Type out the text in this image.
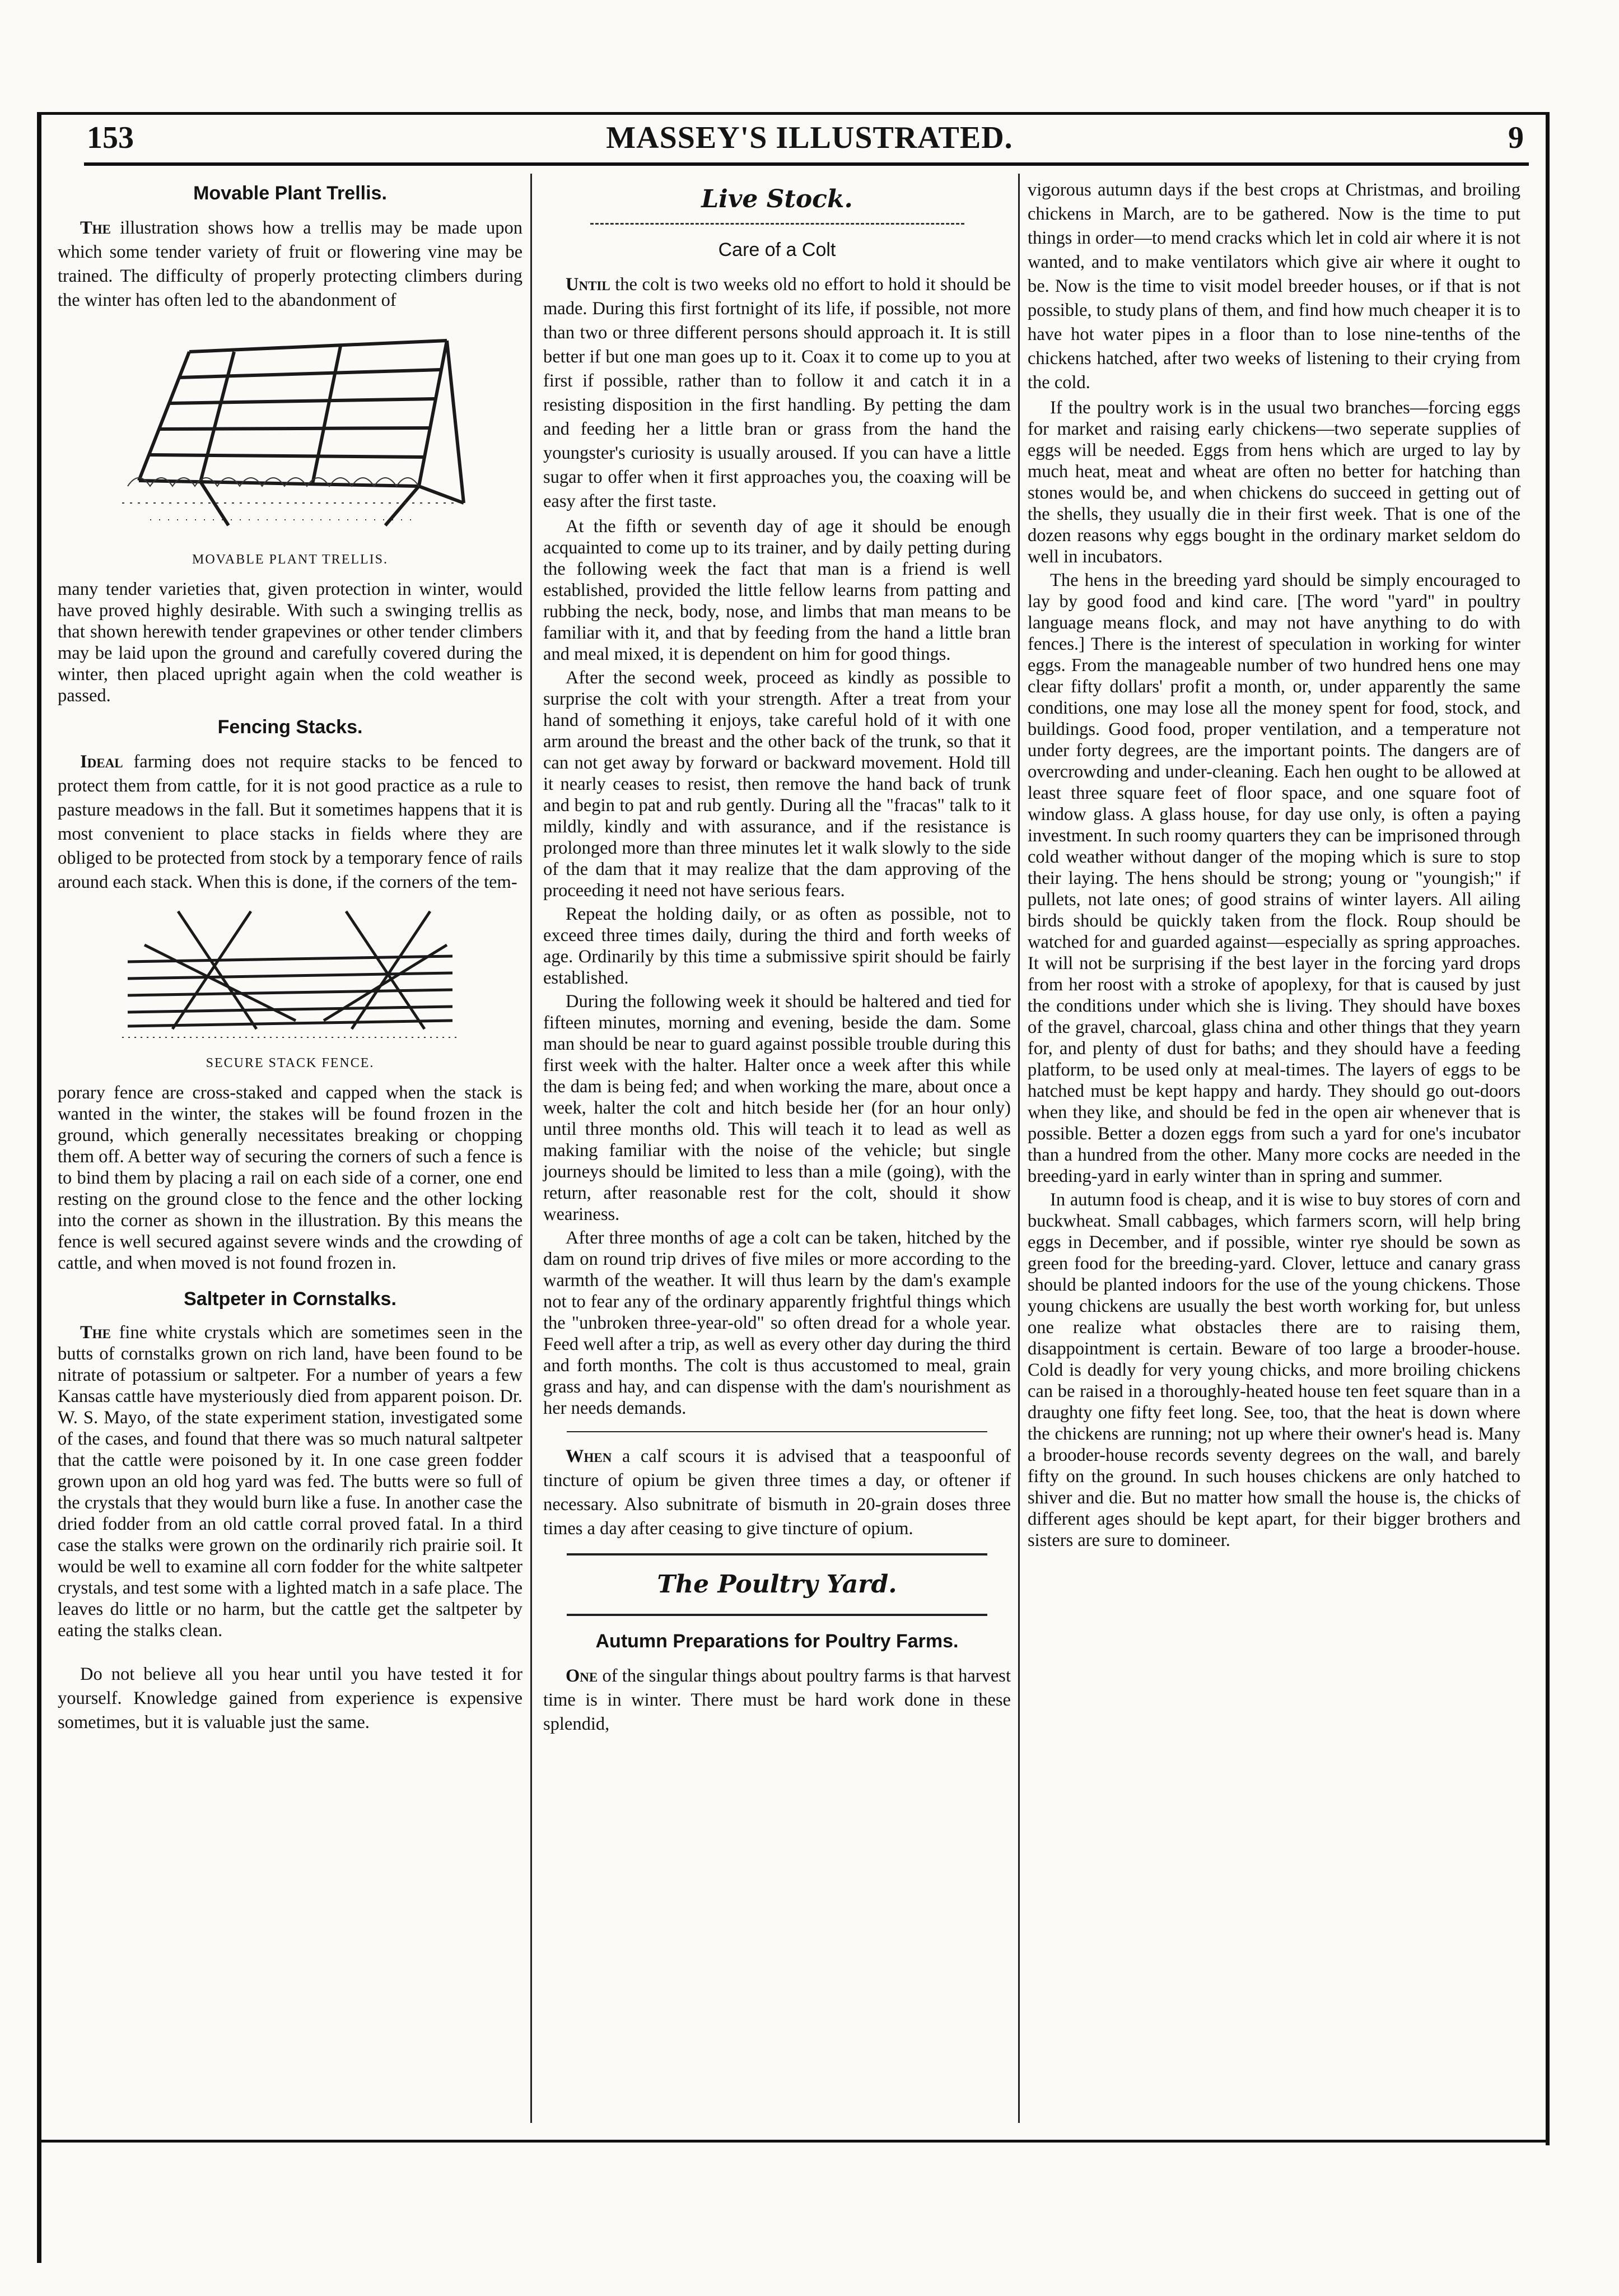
153	MASSEY'S ILLUSTRATED.	9
Movable Plant Trellis.

The illustration shows how a trellis may be made upon which some tender variety of fruit or flowering vine may be trained. The difficulty of properly protecting climbers during the winter has often led to the abandonment of

MOVABLE PLANT TRELLIS.

many tender varieties that, given protection in winter, would have proved highly desirable. With such a swinging trellis as that shown herewith tender grapevines or other tender climbers may be laid upon the ground and carefully covered during the winter, then placed upright again when the cold weather is passed.

Fencing Stacks.

Ideal farming does not require stacks to be fenced to protect them from cattle, for it is not good practice as a rule to pasture meadows in the fall. But it sometimes happens that it is most convenient to place stacks in fields where they are obliged to be protected from stock by a temporary fence of rails around each stack. When this is done, if the corners of the tem-

SECURE STACK FENCE.

porary fence are cross-staked and capped when the stack is wanted in the winter, the stakes will be found frozen in the ground, which generally necessitates breaking or chopping them off. A better way of securing the corners of such a fence is to bind them by placing a rail on each side of a corner, one end resting on the ground close to the fence and the other locking into the corner as shown in the illustration. By this means the fence is well secured against severe winds and the crowding of cattle, and when moved is not found frozen in.

Saltpeter in Cornstalks.

The fine white crystals which are sometimes seen in the butts of cornstalks grown on rich land, have been found to be nitrate of potassium or saltpeter. For a number of years a few Kansas cattle have mysteriously died from apparent poison. Dr. W. S. Mayo, of the state experiment station, investigated some of the cases, and found that there was so much natural saltpeter that the cattle were poisoned by it. In one case green fodder grown upon an old hog yard was fed. The butts were so full of the crystals that they would burn like a fuse. In another case the dried fodder from an old cattle corral proved fatal. In a third case the stalks were grown on the ordinarily rich prairie soil. It would be well to examine all corn fodder for the white saltpeter crystals, and test some with a lighted match in a safe place. The leaves do little or no harm, but the cattle get the saltpeter by eating the stalks clean.

Do not believe all you hear until you have tested it for yourself. Knowledge gained from experience is expensive sometimes, but it is valuable just the same.

Live Stock.
Care of a Colt

Until the colt is two weeks old no effort to hold it should be made. During this first fortnight of its life, if possible, not more than two or three different persons should approach it. It is still better if but one man goes up to it. Coax it to come up to you at first if possible, rather than to follow it and catch it in a resisting disposition in the first handling. By petting the dam and feeding her a little bran or grass from the hand the youngster's curiosity is usually aroused. If you can have a little sugar to offer when it first approaches you, the coaxing will be easy after the first taste.

At the fifth or seventh day of age it should be enough acquainted to come up to its trainer, and by daily petting during the following week the fact that man is a friend is well established, provided the little fellow learns from patting and rubbing the neck, body, nose, and limbs that man means to be familiar with it, and that by feeding from the hand a little bran and meal mixed, it is dependent on him for good things.

After the second week, proceed as kindly as possible to surprise the colt with your strength. After a treat from your hand of something it enjoys, take careful hold of it with one arm around the breast and the other back of the trunk, so that it can not get away by forward or backward movement. Hold till it nearly ceases to resist, then remove the hand back of trunk and begin to pat and rub gently. During all the "fracas" talk to it mildly, kindly and with assurance, and if the resistance is prolonged more than three minutes let it walk slowly to the side of the dam that it may realize that the dam approving of the proceeding it need not have serious fears.

Repeat the holding daily, or as often as possible, not to exceed three times daily, during the third and forth weeks of age. Ordinarily by this time a submissive spirit should be fairly established.

During the following week it should be haltered and tied for fifteen minutes, morning and evening, beside the dam. Some man should be near to guard against possible trouble during this first week with the halter. Halter once a week after this while the dam is being fed; and when working the mare, about once a week, halter the colt and hitch beside her (for an hour only) until three months old. This will teach it to lead as well as making familiar with the noise of the vehicle; but single journeys should be limited to less than a mile (going), with the return, after reasonable rest for the colt, should it show weariness.

After three months of age a colt can be taken, hitched by the dam on round trip drives of five miles or more according to the warmth of the weather. It will thus learn by the dam's example not to fear any of the ordinary apparently frightful things which the "unbroken three-year-old" so often dread for a whole year. Feed well after a trip, as well as every other day during the third and forth months. The colt is thus accustomed to meal, grain grass and hay, and can dispense with the dam's nourishment as her needs demands.

When a calf scours it is advised that a teaspoonful of tincture of opium be given three times a day, or oftener if necessary. Also subnitrate of bismuth in 20-grain doses three times a day after ceasing to give tincture of opium.

The Poultry Yard.
Autumn Preparations for Poultry Farms.

One of the singular things about poultry farms is that harvest time is in winter. There must be hard work done in these splendid,

vigorous autumn days if the best crops at Christmas, and broiling chickens in March, are to be gathered. Now is the time to put things in order—to mend cracks which let in cold air where it is not wanted, and to make ventilators which give air where it ought to be. Now is the time to visit model breeder houses, or if that is not possible, to study plans of them, and find how much cheaper it is to have hot water pipes in a floor than to lose nine-tenths of the chickens hatched, after two weeks of listening to their crying from the cold.

If the poultry work is in the usual two branches—forcing eggs for market and raising early chickens—two seperate supplies of eggs will be needed. Eggs from hens which are urged to lay by much heat, meat and wheat are often no better for hatching than stones would be, and when chickens do succeed in getting out of the shells, they usually die in their first week. That is one of the dozen reasons why eggs bought in the ordinary market seldom do well in incubators.

The hens in the breeding yard should be simply encouraged to lay by good food and kind care. [The word "yard" in poultry language means flock, and may not have anything to do with fences.] There is the interest of speculation in working for winter eggs. From the manageable number of two hundred hens one may clear fifty dollars' profit a month, or, under apparently the same conditions, one may lose all the money spent for food, stock, and buildings. Good food, proper ventilation, and a temperature not under forty degrees, are the important points. The dangers are of overcrowding and under-cleaning. Each hen ought to be allowed at least three square feet of floor space, and one square foot of window glass. A glass house, for day use only, is often a paying investment. In such roomy quarters they can be imprisoned through cold weather without danger of the moping which is sure to stop their laying. The hens should be strong; young or "youngish;" if pullets, not late ones; of good strains of winter layers. All ailing birds should be quickly taken from the flock. Roup should be watched for and guarded against—especially as spring approaches. It will not be surprising if the best layer in the forcing yard drops from her roost with a stroke of apoplexy, for that is caused by just the conditions under which she is living. They should have boxes of the gravel, charcoal, glass china and other things that they yearn for, and plenty of dust for baths; and they should have a feeding platform, to be used only at meal-times. The layers of eggs to be hatched must be kept happy and hardy. They should go out-doors when they like, and should be fed in the open air whenever that is possible. Better a dozen eggs from such a yard for one's incubator than a hundred from the other. Many more cocks are needed in the breeding-yard in early winter than in spring and summer.

In autumn food is cheap, and it is wise to buy stores of corn and buckwheat. Small cabbages, which farmers scorn, will help bring eggs in December, and if possible, winter rye should be sown as green food for the breeding-yard. Clover, lettuce and canary grass should be planted indoors for the use of the young chickens. Those young chickens are usually the best worth working for, but unless one realize what obstacles there are to raising them, disappointment is certain. Beware of too large a brooder-house. Cold is deadly for very young chicks, and more broiling chickens can be raised in a thoroughly-heated house ten feet square than in a draughty one fifty feet long. See, too, that the heat is down where the chickens are running; not up where their owner's head is. Many a brooder-house records seventy degrees on the wall, and barely fifty on the ground. In such houses chickens are only hatched to shiver and die. But no matter how small the house is, the chicks of different ages should be kept apart, for their bigger brothers and sisters are sure to domineer.
